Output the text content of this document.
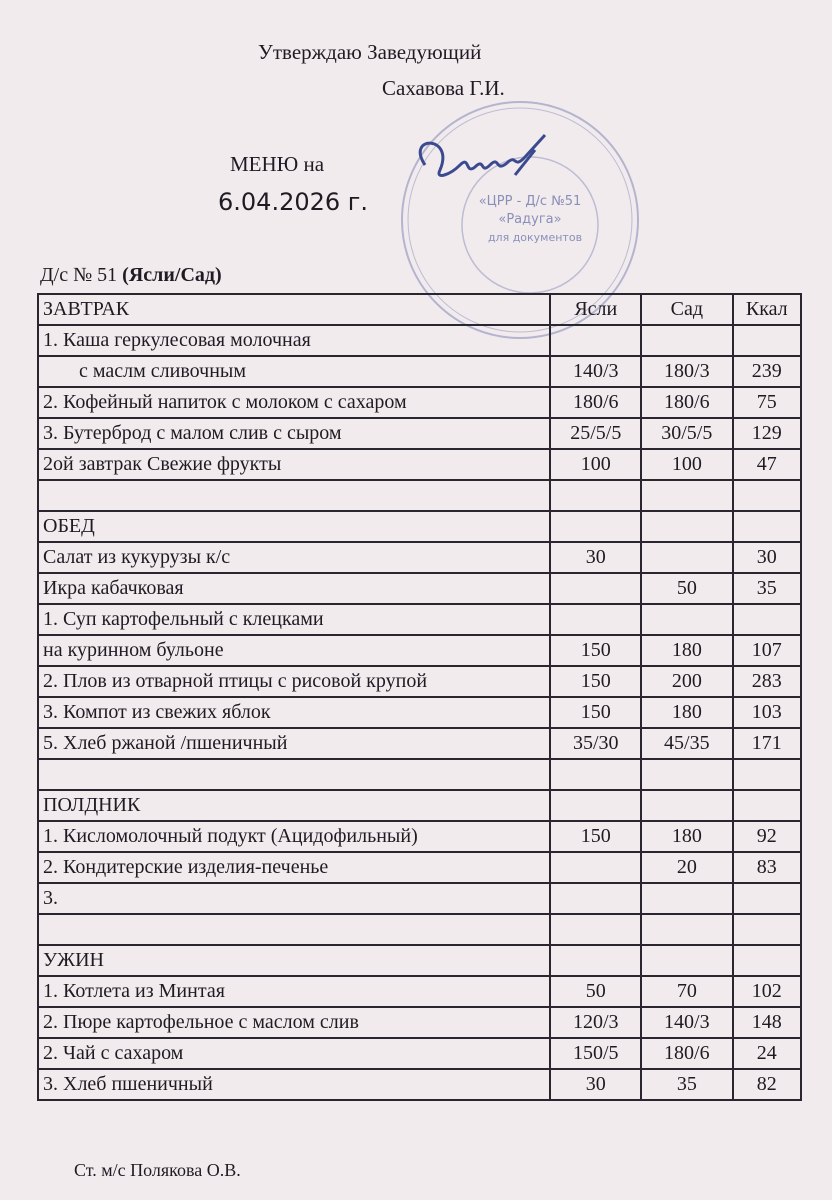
Утверждаю Заведующий
Сахавова Г.И.
МЕНЮ на
6.04.2026 г.
Д/с № 51 (Ясли/Сад)
«ЦРР - Д/с №51
«Радуга»
для документов
ЗАВТРАК	Ясли	Сад	Ккал
1. Каша геркулесовая молочная			
с маслм сливочным	140/3	180/3	239
2. Кофейный напиток с молоком с сахаром	180/6	180/6	75
3. Бутерброд с малом слив с сыром	25/5/5	30/5/5	129
2ой завтрак Свежие фрукты	100	100	47

ОБЕД			
Салат из кукурузы к/с	30		30
Икра кабачковая		50	35
1. Суп картофельный с клецками			
на куринном бульоне	150	180	107
2. Плов из отварной птицы с рисовой крупой	150	200	283
3. Компот из свежих яблок	150	180	103
5. Хлеб ржаной /пшеничный	35/30	45/35	171

ПОЛДНИК			
1. Кисломолочный подукт (Ацидофильный)	150	180	92
2. Кондитерские изделия-печенье		20	83
3.			

УЖИН			
1. Котлета из Минтая	50	70	102
2. Пюре картофельное с маслом слив	120/3	140/3	148
2. Чай с сахаром	150/5	180/6	24
3. Хлеб пшеничный	30	35	82
Ст. м/с Полякова О.В.
